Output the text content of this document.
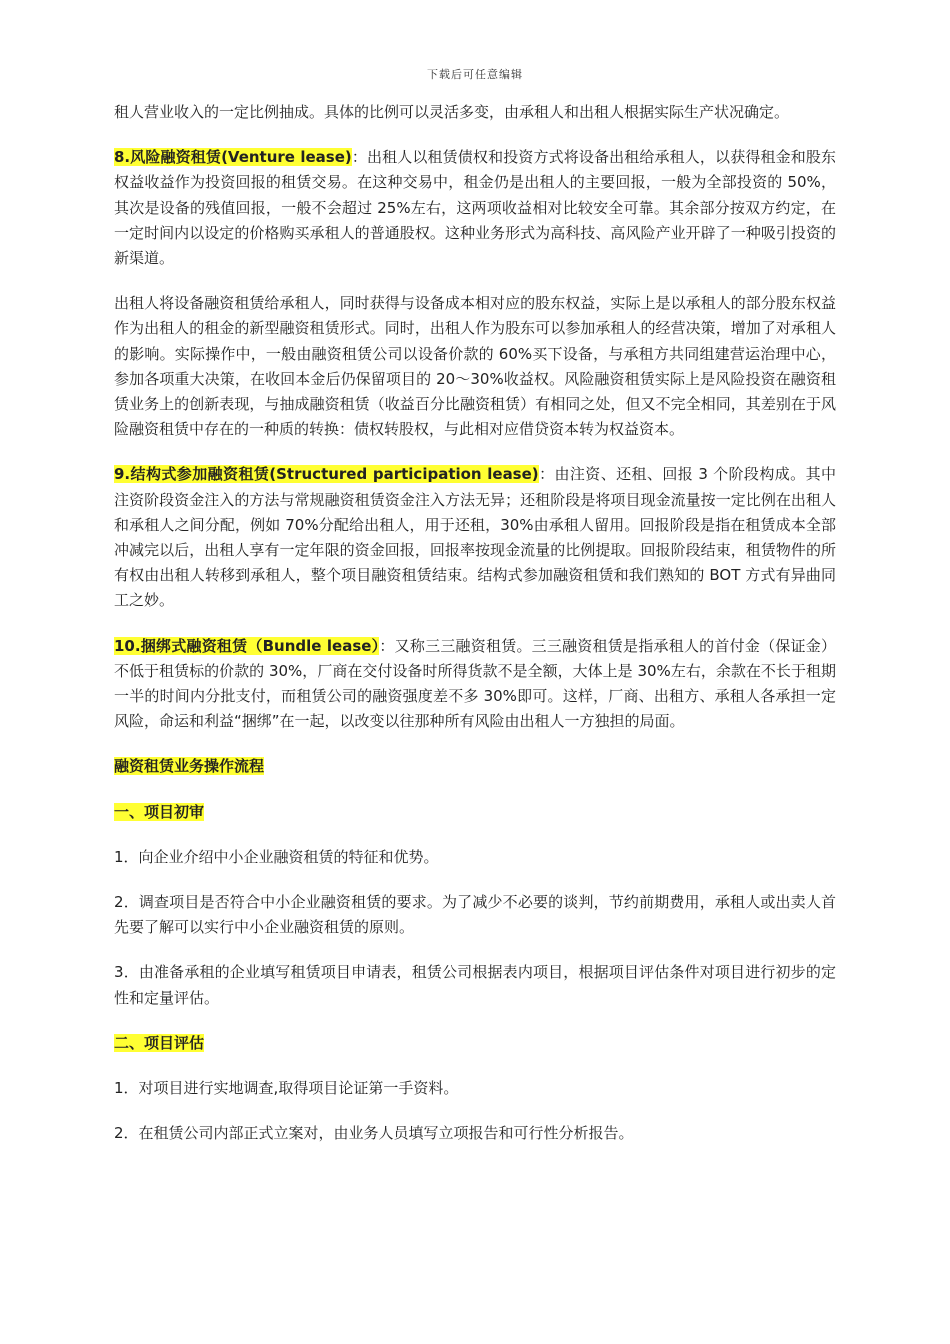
下载后可任意编辑

租人营业收入的一定比例抽成。具体的比例可以灵活多变，由承租人和出租人根据实际生产状况确定。

8.风险融资租赁(Venture lease)：出租人以租赁债权和投资方式将设备出租给承租人，以获得租金和股东权益收益作为投资回报的租赁交易。在这种交易中，租金仍是出租人的主要回报，一般为全部投资的 50%，其次是设备的残值回报，一般不会超过 25%左右，这两项收益相对比较安全可靠。其余部分按双方约定，在一定时间内以设定的价格购买承租人的普通股权。这种业务形式为高科技、高风险产业开辟了一种吸引投资的新渠道。

出租人将设备融资租赁给承租人，同时获得与设备成本相对应的股东权益，实际上是以承租人的部分股东权益作为出租人的租金的新型融资租赁形式。同时，出租人作为股东可以参加承租人的经营决策，增加了对承租人的影响。实际操作中，一般由融资租赁公司以设备价款的 60%买下设备，与承租方共同组建营运治理中心，参加各项重大决策，在收回本金后仍保留项目的 20～30%收益权。风险融资租赁实际上是风险投资在融资租赁业务上的创新表现，与抽成融资租赁（收益百分比融资租赁）有相同之处，但又不完全相同，其差别在于风险融资租赁中存在的一种质的转换：债权转股权，与此相对应借贷资本转为权益资本。

9.结构式参加融资租赁(Structured participation lease)：由注资、还租、回报 3 个阶段构成。其中注资阶段资金注入的方法与常规融资租赁资金注入方法无异；还租阶段是将项目现金流量按一定比例在出租人和承租人之间分配，例如 70%分配给出租人，用于还租，30%由承租人留用。回报阶段是指在租赁成本全部冲减完以后，出租人享有一定年限的资金回报，回报率按现金流量的比例提取。回报阶段结束，租赁物件的所有权由出租人转移到承租人，整个项目融资租赁结束。结构式参加融资租赁和我们熟知的 BOT 方式有异曲同工之妙。

10.捆绑式融资租赁（Bundle lease）：又称三三融资租赁。三三融资租赁是指承租人的首付金（保证金）不低于租赁标的价款的 30%，厂商在交付设备时所得货款不是全额，大体上是 30%左右，余款在不长于租期一半的时间内分批支付，而租赁公司的融资强度差不多 30%即可。这样，厂商、出租方、承租人各承担一定风险，命运和利益“捆绑”在一起，以改变以往那种所有风险由出租人一方独担的局面。

融资租赁业务操作流程

一、项目初审

1．向企业介绍中小企业融资租赁的特征和优势。

2．调查项目是否符合中小企业融资租赁的要求。为了减少不必要的谈判，节约前期费用，承租人或出卖人首先要了解可以实行中小企业融资租赁的原则。

3．由准备承租的企业填写租赁项目申请表，租赁公司根据表内项目，根据项目评估条件对项目进行初步的定性和定量评估。

二、项目评估

1．对项目进行实地调查,取得项目论证第一手资料。

2．在租赁公司内部正式立案对，由业务人员填写立项报告和可行性分析报告。
